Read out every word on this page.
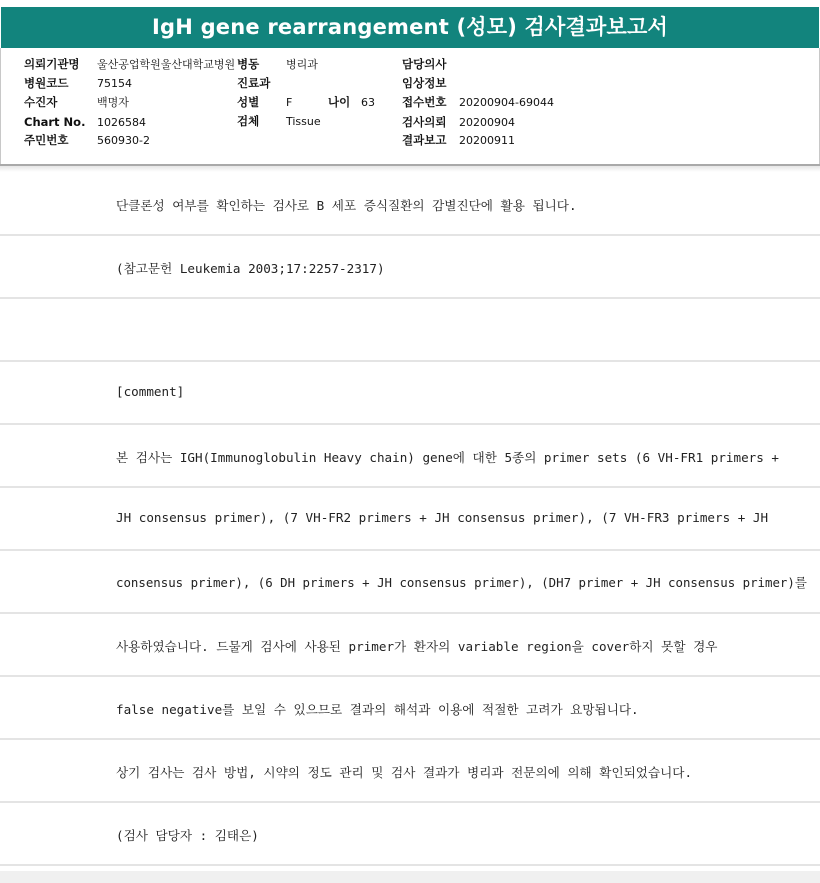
IgH gene rearrangement (성모) 검사결과보고서
의뢰기관명 울산공업학원울산대학교병원
병원코드	75154
수진자	백명자
Chart No. 1026584
주민번호	560930-2
병동 병리과
진료과
성별 F	나이 63
검체 Tissue
담당의사
임상정보
접수번호 20200904-69044
검사의뢰 20200904
결과보고 20200911
단클론성 여부를 확인하는 검사로 B 세포 증식질환의 감별진단에 활용 됩니다.
(참고문헌 Leukemia 2003;17:2257-2317)
[comment]
본 검사는 IGH(Immunoglobulin Heavy chain) gene에 대한 5종의 primer sets (6 VH-FR1 primers +
JH consensus primer), (7 VH-FR2 primers + JH consensus primer), (7 VH-FR3 primers + JH
consensus primer), (6 DH primers + JH consensus primer), (DH7 primer + JH consensus primer)를
사용하였습니다. 드물게 검사에 사용된 primer가 환자의 variable region을 cover하지 못할 경우
false negative를 보일 수 있으므로 결과의 해석과 이용에 적절한 고려가 요망됩니다.
상기 검사는 검사 방법, 시약의 정도 관리 및 검사 결과가 병리과 전문의에 의해 확인되었습니다.
(검사 담당자 : 김태은)
